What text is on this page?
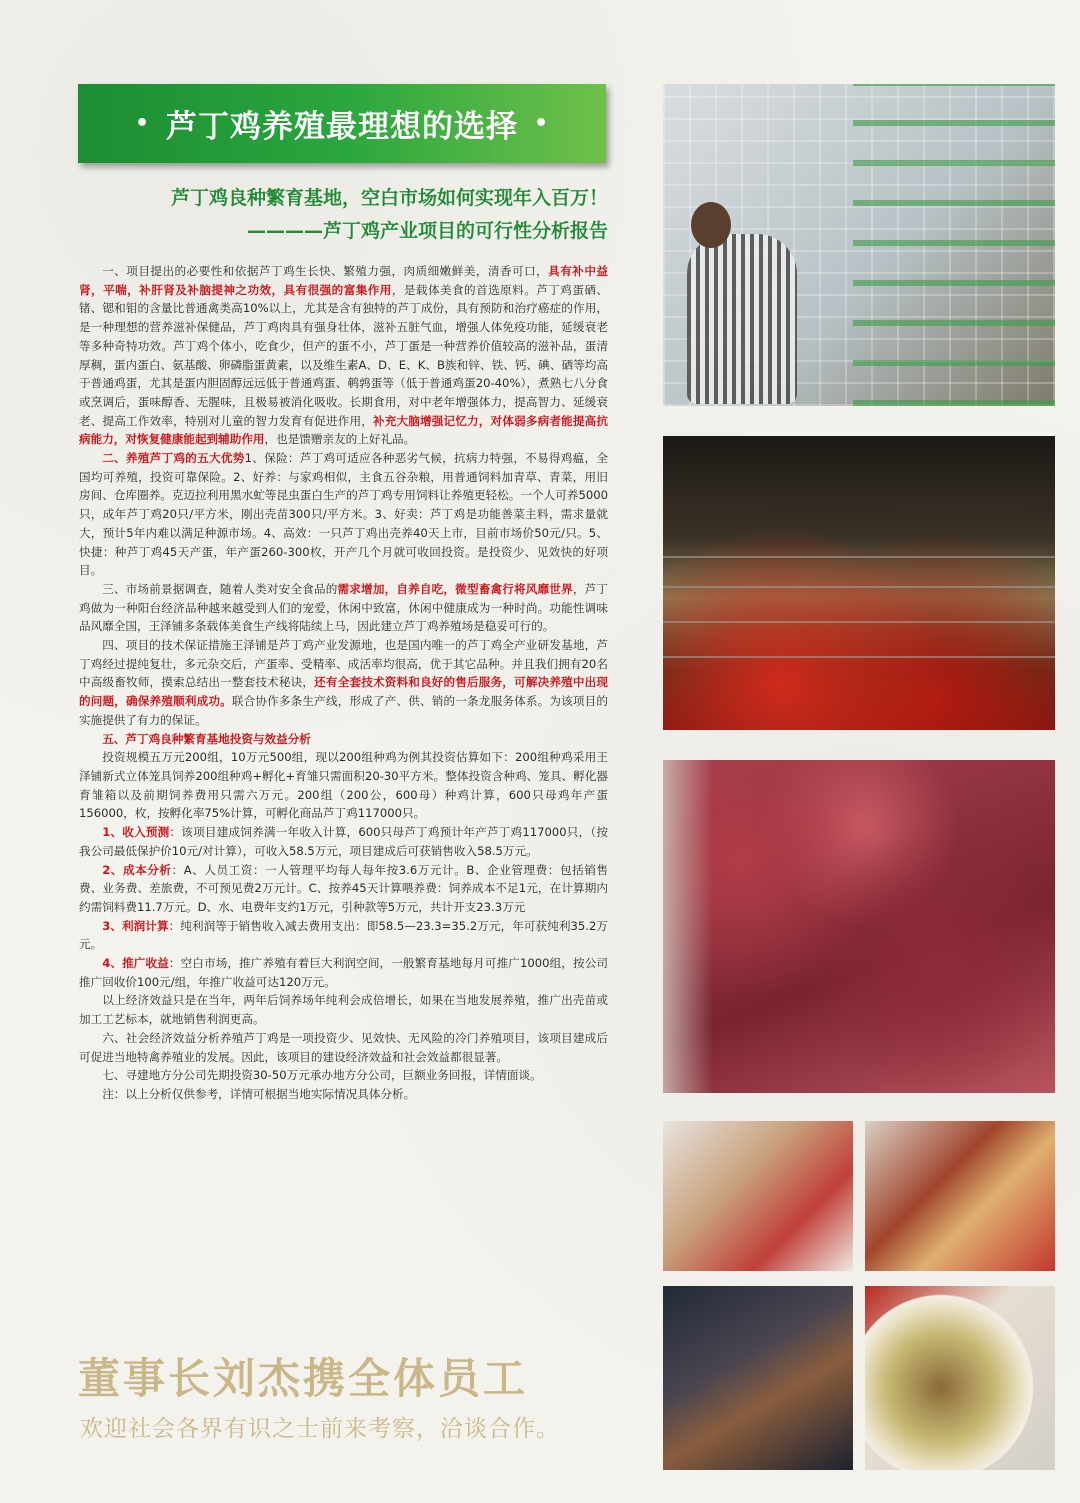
• 芦丁鸡养殖最理想的选择 •
芦丁鸡良种繁育基地，空白市场如何实现年入百万！
————芦丁鸡产业项目的可行性分析报告

一、项目提出的必要性和依据芦丁鸡生长快、繁殖力强，肉质细嫩鲜美，清香可口，具有补中益肾，平喘，补肝肾及补脑提神之功效，具有很强的富集作用，是载体美食的首选原料。芦丁鸡蛋硒、锗、锶和钼的含量比普通禽类高10%以上，尤其是含有独特的芦丁成份，具有预防和治疗癌症的作用，是一种理想的营养滋补保健品，芦丁鸡肉具有强身壮体，滋补五脏气血，增强人体免疫功能，延缓衰老等多种奇特功效。芦丁鸡个体小，吃食少，但产的蛋不小，芦丁蛋是一种营养价值较高的滋补品，蛋清厚稠，蛋内蛋白、氨基酸、卵磷脂蛋黄素，以及维生素A、D、E、K、B族和锌、铁、钙、碘、硒等均高于普通鸡蛋，尤其是蛋内胆固醇远远低于普通鸡蛋、鹌鹑蛋等（低于普通鸡蛋20-40%），煮熟七八分食或烹调后，蛋味醇香、无腥味，且极易被消化吸收。长期食用，对中老年增强体力，提高智力、延缓衰老、提高工作效率，特别对儿童的智力发育有促进作用，补充大脑增强记忆力，对体弱多病者能提高抗病能力，对恢复健康能起到辅助作用，也是馈赠亲友的上好礼品。

二、养殖芦丁鸡的五大优势1、保险：芦丁鸡可适应各种恶劣气候，抗病力特强，不易得鸡瘟，全国均可养殖，投资可靠保险。2、好养：与家鸡相似，主食五谷杂粮，用普通饲料加青草、青菜，用旧房间、仓库圈养。克迈拉利用黑水虻等昆虫蛋白生产的芦丁鸡专用饲料让养殖更轻松。一个人可养5000只，成年芦丁鸡20只/平方米，刚出壳苗300只/平方米。3、好卖：芦丁鸡是功能善菜主料，需求量就大，预计5年内难以满足种源市场。4、高效：一只芦丁鸡出壳养40天上市，目前市场价50元/只。5、快捷：种芦丁鸡45天产蛋，年产蛋260-300枚，开产几个月就可收回投资。是投资少、见效快的好项目。

三、市场前景据调查，随着人类对安全食品的需求增加，自养自吃，微型畜禽行将风靡世界，芦丁鸡做为一种阳台经济品种越来越受到人们的宠爱，休闲中致富，休闲中健康成为一种时尚。功能性调味品风靡全国，王泽铺多条载体美食生产线将陆续上马，因此建立芦丁鸡养殖场是稳妥可行的。

四、项目的技术保证措施王泽铺是芦丁鸡产业发源地，也是国内唯一的芦丁鸡全产业研发基地，芦丁鸡经过提纯复壮，多元杂交后，产蛋率、受精率、成活率均很高，优于其它品种。并且我们拥有20名中高级畜牧师，摸索总结出一整套技术秘诀，还有全套技术资料和良好的售后服务，可解决养殖中出现的问题，确保养殖顺利成功。联合协作多条生产线，形成了产、供、销的一条龙服务体系。为该项目的实施提供了有力的保证。

五、芦丁鸡良种繁育基地投资与效益分析

投资规模五万元200组，10万元500组，现以200组种鸡为例其投资估算如下：200组种鸡采用王泽铺新式立体笼具饲养200组种鸡+孵化+育雏只需面积20-30平方米。整体投资含种鸡、笼具、孵化器育雏箱以及前期饲养费用只需六万元。200组（200公，600母）种鸡计算，600只母鸡年产蛋156000，枚，按孵化率75%计算，可孵化商品芦丁鸡117000只。

1、收入预测：该项目建成饲养满一年收入计算，600只母芦丁鸡预计年产芦丁鸡117000只，（按我公司最低保护价10元/对计算），可收入58.5万元，项目建成后可获销售收入58.5万元。

2、成本分析：A、人员工资：一人管理平均每人每年按3.6万元计。B、企业管理费：包括销售费、业务费、差旅费，不可预见费2万元计。C、按养45天计算喂养费：饲养成本不足1元，在计算期内约需饲料费11.7万元。D、水、电费年支约1万元，引种款等5万元，共计开支23.3万元

3、利润计算：纯利润等于销售收入减去费用支出：即58.5—23.3=35.2万元，年可获纯利35.2万元。

4、推广收益：空白市场，推广养殖有着巨大利润空间，一般繁育基地每月可推广1000组，按公司推广回收价100元/组，年推广收益可达120万元。

以上经济效益只是在当年，两年后饲养场年纯利会成倍增长，如果在当地发展养殖，推广出壳苗或加工工艺标本，就地销售利润更高。

六、社会经济效益分析养殖芦丁鸡是一项投资少、见效快、无风险的冷门养殖项目，该项目建成后可促进当地特禽养殖业的发展。因此，该项目的建设经济效益和社会效益都很显著。

七、寻建地方分公司先期投资30-50万元承办地方分公司，巨额业务回报，详情面谈。

注：以上分析仅供参考，详情可根据当地实际情况具体分析。

董事长刘杰携全体员工
欢迎社会各界有识之士前来考察，洽谈合作。
